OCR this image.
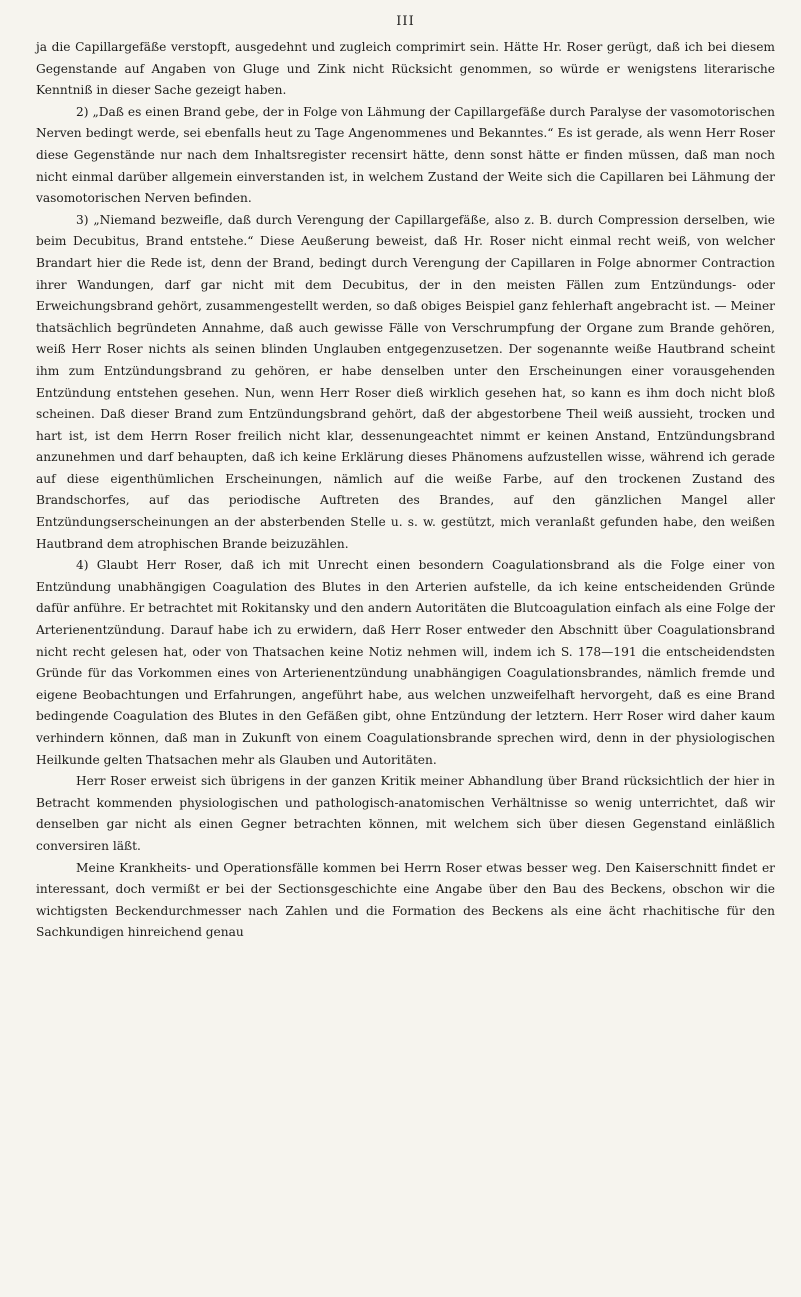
III

ja die Capillargefäße verstopft, ausgedehnt und zugleich comprimirt sein. Hätte Hr. Roser gerügt, daß ich bei diesem Gegenstande auf Angaben von Gluge und Zink nicht Rücksicht genommen, so würde er wenigstens literarische Kenntniß in dieser Sache gezeigt haben.

2) „Daß es einen Brand gebe, der in Folge von Lähmung der Capillargefäße durch Paralyse der vasomotorischen Nerven bedingt werde, sei ebenfalls heut zu Tage Angenommenes und Bekanntes.“ Es ist gerade, als wenn Herr Roser diese Gegenstände nur nach dem Inhaltsregister recensirt hätte, denn sonst hätte er finden müssen, daß man noch nicht einmal darüber allgemein einverstanden ist, in welchem Zustand der Weite sich die Capillaren bei Lähmung der vasomotorischen Nerven befinden.

3) „Niemand bezweifle, daß durch Verengung der Capillargefäße, also z. B. durch Compression derselben, wie beim Decubitus, Brand entstehe.“ Diese Aeußerung beweist, daß Hr. Roser nicht einmal recht weiß, von welcher Brandart hier die Rede ist, denn der Brand, bedingt durch Verengung der Capillaren in Folge abnormer Contraction ihrer Wandungen, darf gar nicht mit dem Decubitus, der in den meisten Fällen zum Entzündungs- oder Erweichungsbrand gehört, zusammengestellt werden, so daß obiges Beispiel ganz fehlerhaft angebracht ist. — Meiner thatsächlich begründeten Annahme, daß auch gewisse Fälle von Verschrumpfung der Organe zum Brande gehören, weiß Herr Roser nichts als seinen blinden Unglauben entgegenzusetzen. Der sogenannte weiße Hautbrand scheint ihm zum Entzündungsbrand zu gehören, er habe denselben unter den Erscheinungen einer vorausgehenden Entzündung entstehen gesehen. Nun, wenn Herr Roser dieß wirklich gesehen hat, so kann es ihm doch nicht bloß scheinen. Daß dieser Brand zum Entzündungsbrand gehört, daß der abgestorbene Theil weiß aussieht, trocken und hart ist, ist dem Herrn Roser freilich nicht klar, dessenungeachtet nimmt er keinen Anstand, Entzündungsbrand anzunehmen und darf behaupten, daß ich keine Erklärung dieses Phänomens aufzustellen wisse, während ich gerade auf diese eigenthümlichen Erscheinungen, nämlich auf die weiße Farbe, auf den trockenen Zustand des Brandschorfes, auf das periodische Auftreten des Brandes, auf den gänzlichen Mangel aller Entzündungserscheinungen an der absterbenden Stelle u. s. w. gestützt, mich veranlaßt gefunden habe, den weißen Hautbrand dem atrophischen Brande beizuzählen.

4) Glaubt Herr Roser, daß ich mit Unrecht einen besondern Coagulationsbrand als die Folge einer von Entzündung unabhängigen Coagulation des Blutes in den Arterien aufstelle, da ich keine entscheidenden Gründe dafür anführe. Er betrachtet mit Rokitansky und den andern Autoritäten die Blutcoagulation einfach als eine Folge der Arterienentzündung. Darauf habe ich zu erwidern, daß Herr Roser entweder den Abschnitt über Coagulationsbrand nicht recht gelesen hat, oder von Thatsachen keine Notiz nehmen will, indem ich S. 178—191 die entscheidendsten Gründe für das Vorkommen eines von Arterienentzündung unabhängigen Coagulationsbrandes, nämlich fremde und eigene Beobachtungen und Erfahrungen, angeführt habe, aus welchen unzweifelhaft hervorgeht, daß es eine Brand bedingende Coagulation des Blutes in den Gefäßen gibt, ohne Entzündung der letztern. Herr Roser wird daher kaum verhindern können, daß man in Zukunft von einem Coagulationsbrande sprechen wird, denn in der physiologischen Heilkunde gelten Thatsachen mehr als Glauben und Autoritäten.

Herr Roser erweist sich übrigens in der ganzen Kritik meiner Abhandlung über Brand rücksichtlich der hier in Betracht kommenden physiologischen und pathologisch-anatomischen Verhältnisse so wenig unterrichtet, daß wir denselben gar nicht als einen Gegner betrachten können, mit welchem sich über diesen Gegenstand einläßlich conversiren läßt.

Meine Krankheits- und Operationsfälle kommen bei Herrn Roser etwas besser weg. Den Kaiserschnitt findet er interessant, doch vermißt er bei der Sectionsgeschichte eine Angabe über den Bau des Beckens, obschon wir die wichtigsten Beckendurchmesser nach Zahlen und die Formation des Beckens als eine ächt rhachitische für den Sachkundigen hinreichend genau
